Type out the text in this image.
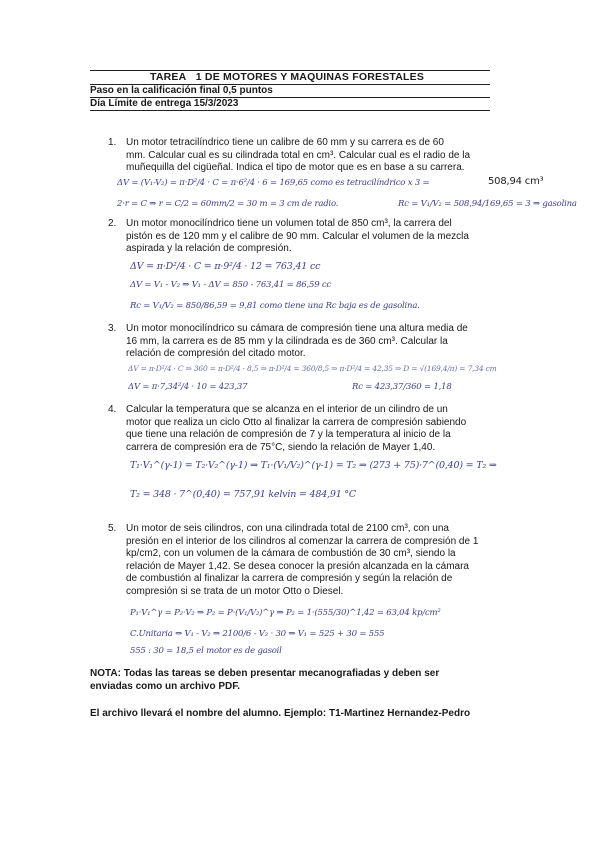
TAREA 1 DE MOTORES Y MAQUINAS FORESTALES
Paso en la calificación final 0,5 puntos
Día Límite de entrega 15/3/2023
1. Un motor tetracilíndrico tiene un calibre de 60 mm y su carrera es de 60

mm. Calcular cual es su cilindrada total en cm³. Calcular cual es el radio de la

muñequilla del cigüeñal. Indica el tipo de motor que es en base a su carrera.

ΔV = (V₁-V₂) = π·D²/4 · C = π·6²/4 · 6 = 169,65 como es tetracilíndrico x 3 =	508,94 cm³
2·r = C ⇒ r = C/2 = 60mm/2 = 30 m = 3 cm de radio.	Rc = V₁/V₂ = 508,94/169,65 = 3 ⇒ gasolina
2. Un motor monocilíndrico tiene un volumen total de 850 cm³, la carrera del

pistón es de 120 mm y el calibre de 90 mm. Calcular el volumen de la mezcla

aspirada y la relación de compresión.

ΔV = π·D²/4 · C = π·9²/4 · 12 = 763,41 cc
ΔV = V₁ - V₂ ⇒ V₁ - ΔV = 850 - 763,41 = 86,59 cc
Rc = V₁/V₂ = 850/86,59 = 9,81 como tiene una Rc baja es de gasolina.
3. Un motor monocilíndrico su cámara de compresión tiene una altura media de

16 mm, la carrera es de 85 mm y la cilindrada es de 360 cm³. Calcular la

relación de compresión del citado motor.

ΔV = π·D²/4 · C ⇒ 360 = π·D²/4 · 8,5 ⇒ π·D²/4 = 360/8,5 ⇒ π·D²/4 = 42,35 ⇒ D = √(169,4/π) = 7,34 cm
ΔV = π·7,34²/4 · 10 = 423,37	Rc = 423,37/360 = 1,18
4. Calcular la temperatura que se alcanza en el interior de un cilindro de un

motor que realiza un ciclo Otto al finalizar la carrera de compresión sabiendo

que tiene una relación de compresión de 7 y la temperatura al inicio de la

carrera de compresión era de 75°C, siendo la relación de Mayer 1,40.

T₁·V₁^(γ-1) = T₂·V₂^(γ-1) ⇒ T₁·(V₁/V₂)^(γ-1) = T₂ ⇒ (273 + 75)·7^(0,40) = T₂ ⇒
T₂ = 348 · 7^(0,40) = 757,91 kelvin = 484,91 °C
5. Un motor de seis cilindros, con una cilindrada total de 2100 cm³, con una

presión en el interior de los cilindros al comenzar la carrera de compresión de 1

kp/cm2, con un volumen de la cámara de combustión de 30 cm³, siendo la

relación de Mayer 1,42. Se desea conocer la presión alcanzada en la cámara

de combustión al finalizar la carrera de compresión y según la relación de

compresión si se trata de un motor Otto o Diesel.

P₁·V₁^γ = P₂·V₂ ⇒ P₂ = P·(V₁/V₂)^γ ⇒ P₂ = 1·(555/30)^1,42 = 63,04 kp/cm²
C.Unitaria ⇒ V₁ - V₂ ⇒ 2100/6 - V₂ · 30 ⇒ V₁ = 525 + 30 = 555
555 : 30 = 18,5 el motor es de gasoil

NOTA: Todas las tareas se deben presentar mecanografiadas y deben ser

enviadas como un archivo PDF.

El archivo llevará el nombre del alumno. Ejemplo: T1-Martinez Hernandez-Pedro
